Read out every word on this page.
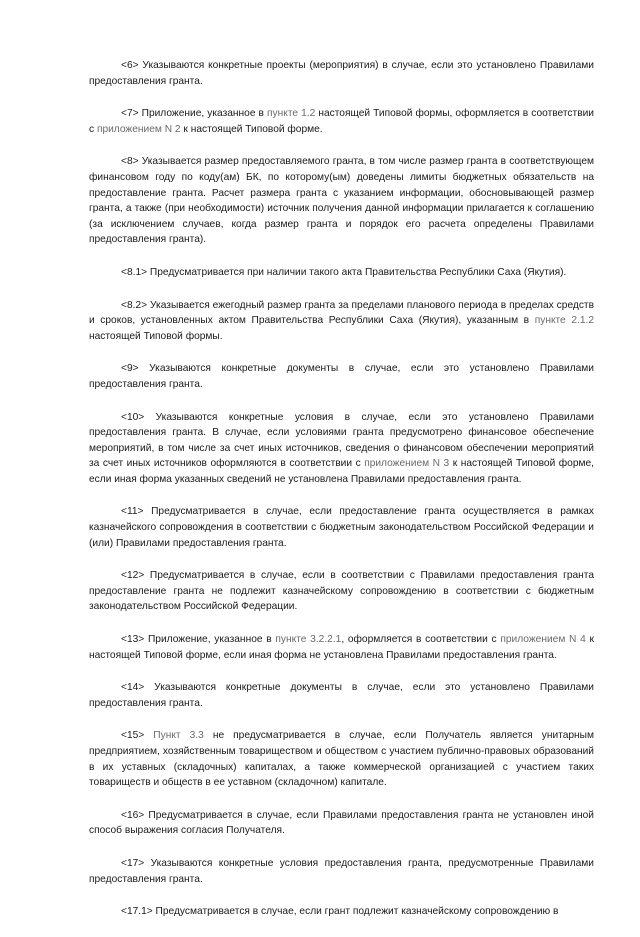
<6> Указываются конкретные проекты (мероприятия) в случае, если это установлено Правилами предоставления гранта.

<7> Приложение, указанное в пункте 1.2 настоящей Типовой формы, оформляется в соответствии с приложением N 2 к настоящей Типовой форме.

<8> Указывается размер предоставляемого гранта, в том числе размер гранта в соответствующем финансовом году по коду(ам) БК, по которому(ым) доведены лимиты бюджетных обязательств на предоставление гранта. Расчет размера гранта с указанием информации, обосновывающей размер гранта, а также (при необходимости) источник получения данной информации прилагается к соглашению (за исключением случаев, когда размер гранта и порядок его расчета определены Правилами предоставления гранта).

<8.1> Предусматривается при наличии такого акта Правительства Республики Саха (Якутия).

<8.2> Указывается ежегодный размер гранта за пределами планового периода в пределах средств и сроков, установленных актом Правительства Республики Саха (Якутия), указанным в пункте 2.1.2 настоящей Типовой формы.

<9> Указываются конкретные документы в случае, если это установлено Правилами предоставления гранта.

<10> Указываются конкретные условия в случае, если это установлено Правилами предоставления гранта. В случае, если условиями гранта предусмотрено финансовое обеспечение мероприятий, в том числе за счет иных источников, сведения о финансовом обеспечении мероприятий за счет иных источников оформляются в соответствии с приложением N 3 к настоящей Типовой форме, если иная форма указанных сведений не установлена Правилами предоставления гранта.

<11> Предусматривается в случае, если предоставление гранта осуществляется в рамках казначейского сопровождения в соответствии с бюджетным законодательством Российской Федерации и (или) Правилами предоставления гранта.

<12> Предусматривается в случае, если в соответствии с Правилами предоставления гранта предоставление гранта не подлежит казначейскому сопровождению в соответствии с бюджетным законодательством Российской Федерации.

<13> Приложение, указанное в пункте 3.2.2.1, оформляется в соответствии с приложением N 4 к настоящей Типовой форме, если иная форма не установлена Правилами предоставления гранта.

<14> Указываются конкретные документы в случае, если это установлено Правилами предоставления гранта.

<15> Пункт 3.3 не предусматривается в случае, если Получатель является унитарным предприятием, хозяйственным товариществом и обществом с участием публично-правовых образований в их уставных (складочных) капиталах, а также коммерческой организацией с участием таких товариществ и обществ в ее уставном (складочном) капитале.

<16> Предусматривается в случае, если Правилами предоставления гранта не установлен иной способ выражения согласия Получателя.

<17> Указываются конкретные условия предоставления гранта, предусмотренные Правилами предоставления гранта.

<17.1> Предусматривается в случае, если грант подлежит казначейскому сопровождению в
